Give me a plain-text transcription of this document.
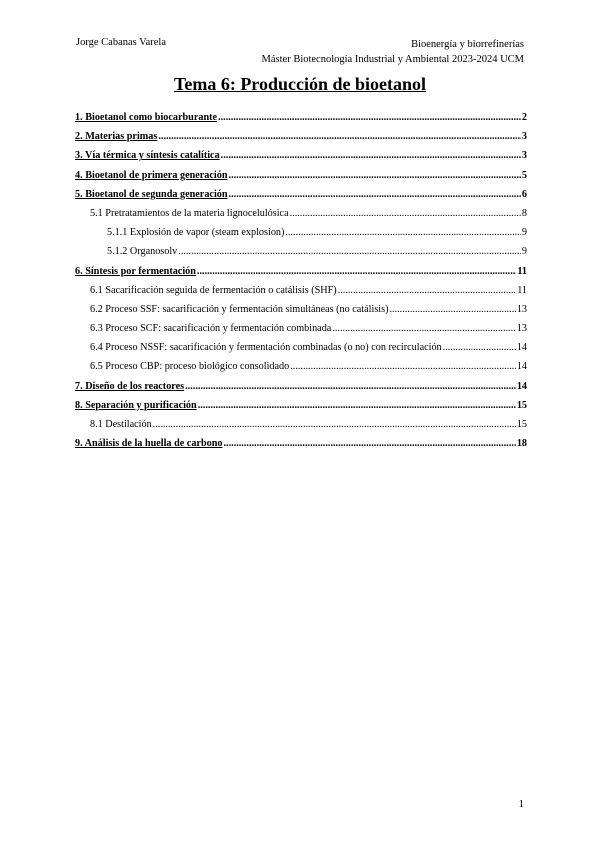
Jorge Cabanas Varela	Bioenergía y biorrefinerías
Máster Biotecnología Industrial y Ambiental 2023-2024 UCM
Tema 6: Producción de bioetanol
1. Bioetanol como biocarburante .....	2
2. Materias primas .....	3
3. Vía térmica y síntesis catalítica .....	3
4. Bioetanol de primera generación .....	5
5. Bioetanol de segunda generación .....	6
5.1 Pretratamientos de la materia lignocelulósica .....	8
5.1.1 Explosión de vapor (steam explosion) .....	9
5.1.2 Organosolv .....	9
6. Síntesis por fermentación .....	11
6.1 Sacarificación seguida de fermentación o catálisis (SHF) .....	11
6.2 Proceso SSF: sacarificación y fermentación simultáneas (no catálisis) .....	13
6.3 Proceso SCF: sacarificación y fermentación combinada .....	13
6.4 Proceso NSSF: sacarificación y fermentación combinadas (o no) con recirculación .....	14
6.5 Proceso CBP: proceso biológico consolidado .....	14
7. Diseño de los reactores .....	14
8. Separación y purificación .....	15
8.1 Destilación .....	15
9. Análisis de la huella de carbono .....	18
1
